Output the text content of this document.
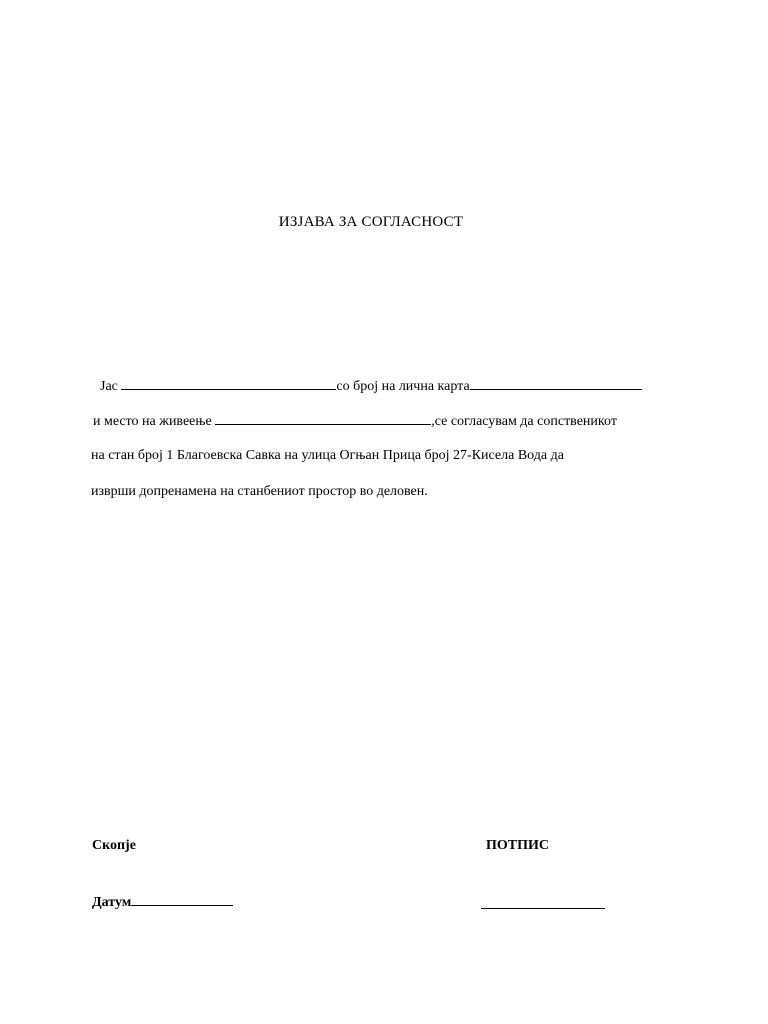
ИЗЈАВА ЗА СОГЛАСНОСТ
Јас	со број на лична карта
и место на живеење	,се согласувам да сопственикот
на стан број 1 Благоевска Савка на улица Огњан Прица број 27-Кисела Вода да
изврши допренамена на станбениот простор во деловен.
Скопје	ПОТПИС
Датум
